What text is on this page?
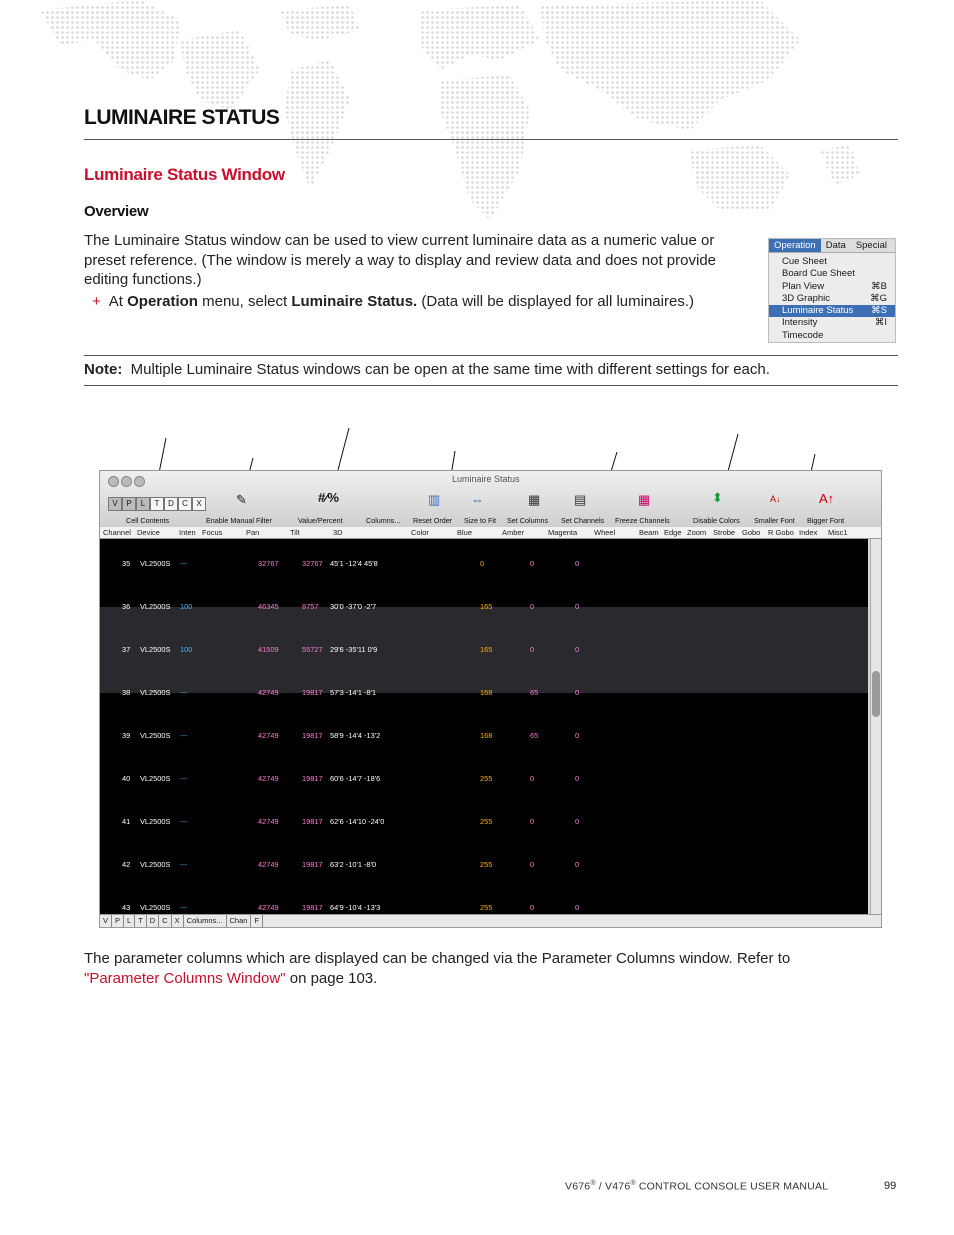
LUMINAIRE STATUS
Luminaire Status Window
Overview
The Luminaire Status window can be used to view current luminaire data as a numeric value or preset reference. (The window is merely a way to display and review data and does not provide editing functions.)
+ At Operation menu, select Luminaire Status. (Data will be displayed for all luminaires.)
Operation	Data	Special
Cue Sheet
Board Cue Sheet
Plan View	⌘B
3D Graphic	⌘G
Luminaire Status ⌘S
Intensity	⌘I
Timecode
Note: Multiple Luminaire Status windows can be open at the same time with different settings for each.
Luminaire Status
V	P	L	T	D	C	X	✎	#⁄%	▥ ⇔	▦	▤	▦	⬍	A↓	A↑
Cell Contents	Enable Manual Filter	Value/Percent	Columns... Reset Order Size to Fit Set Columns Set Channels Freeze Channels	Disable Colors Smaller Font Bigger Font
Channel Device	Inten Focus	Pan	Tilt	3D	Color	Blue	Amber	Magenta Wheel	Beam Edge Zoom Strobe Gobo R Gobo Index Misc1
35 VL2500S ---	32767	32767 45'1 -12'4 45'8	0	0	0
36 VL2500S 100	46345	8757 30'0 -37'0 -2'7	165	0	0
37 VL2500S 100	41509	55727 29'6 -35'11 0'9	165	0	0
38 VL2500S ---	42749	19817 57'3 -14'1 -8'1	168	65	0
39 VL2500S ---	42749	19817 58'9 -14'4 -13'2	168	65	0
40 VL2500S ---	42749	19817 60'6 -14'7 -18'6	255	0	0
41 VL2500S ---	42749	19817 62'6 -14'10 -24'0	255	0	0
42 VL2500S ---	42749	19817 63'2 -10'1 -8'0	255	0	0
43 VL2500S ---	42749	19817 64'9 -10'4 -13'3	255	0	0
V P L T D C X Columns... Chan F
The parameter columns which are displayed can be changed via the Parameter Columns window. Refer to
"Parameter Columns Window" on page 103.
V676® / V476® CONTROL CONSOLE USER MANUAL	99
